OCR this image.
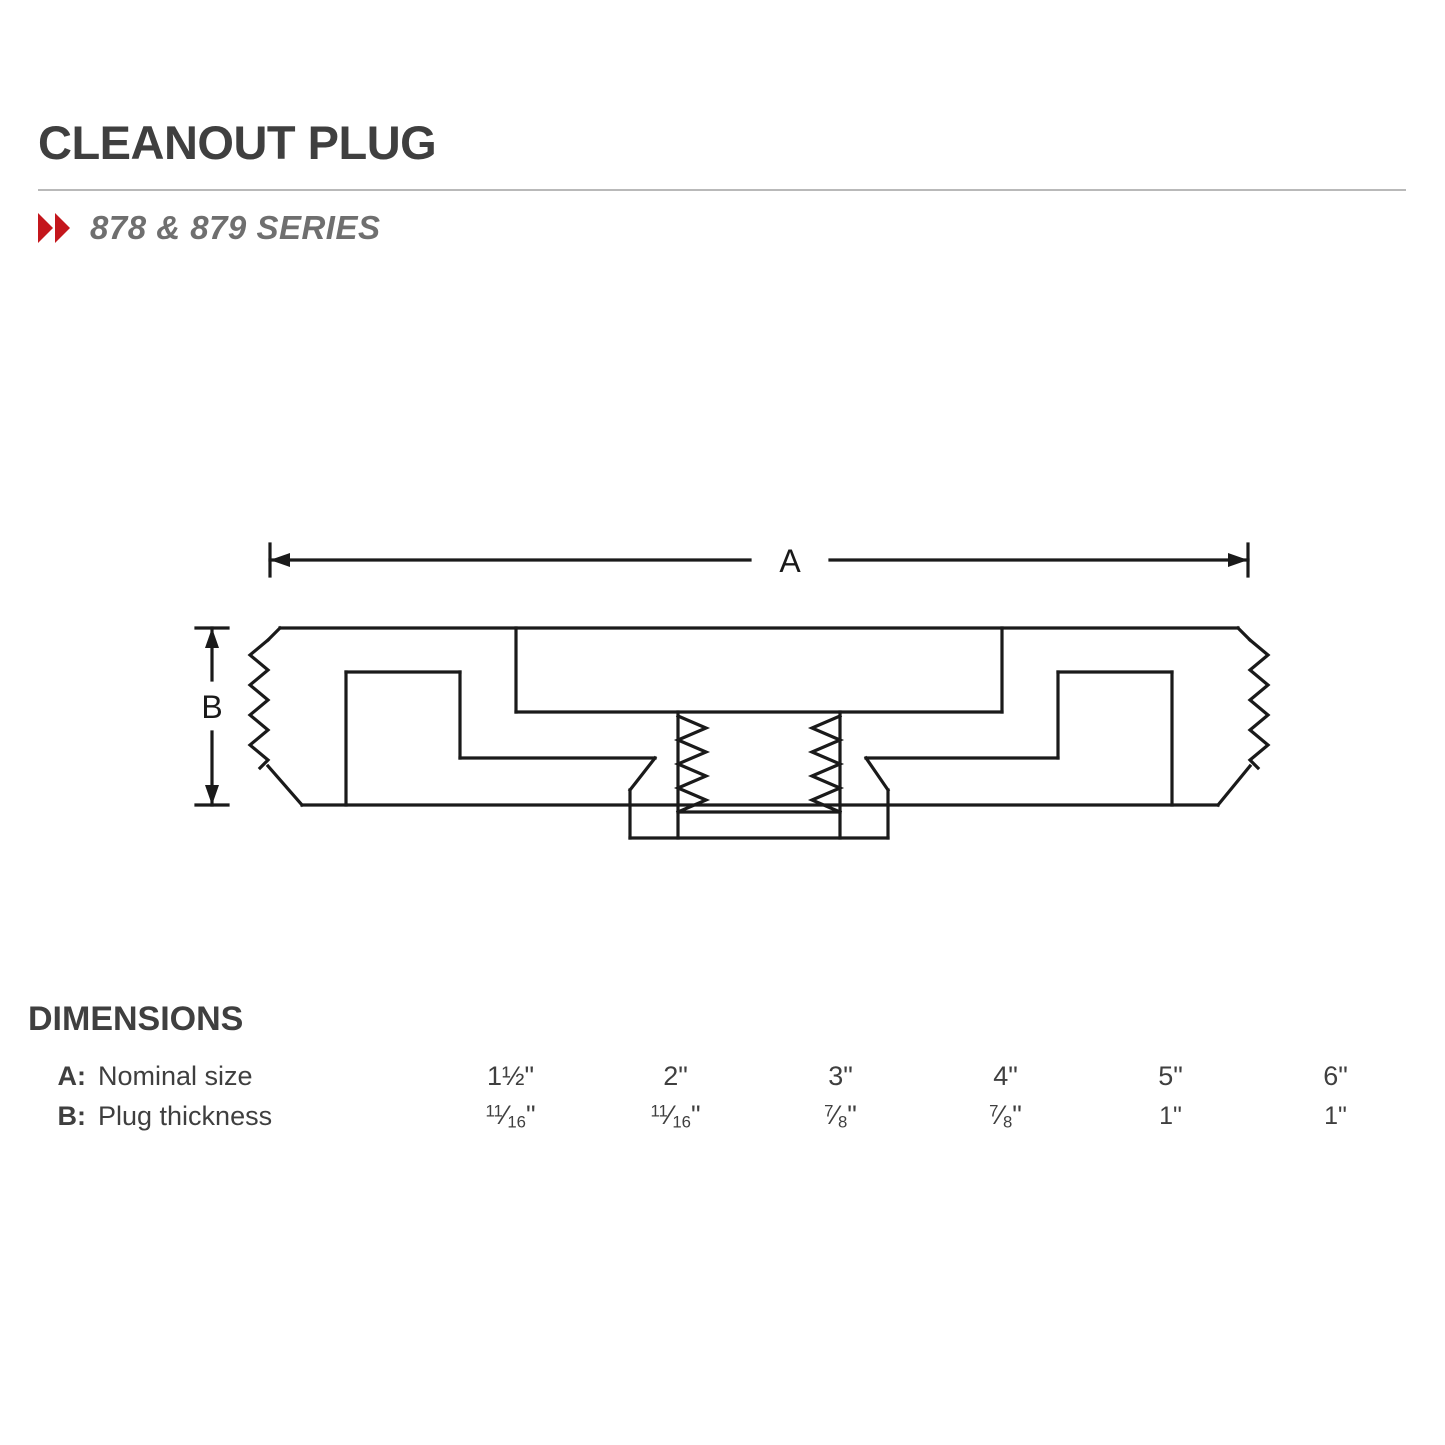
CLEANOUT PLUG
878 & 879 SERIES
A
B
DIMENSIONS
A:	Nominal size	1½"	2"	3"	4"	5"	6"
B:	Plug thickness	$^{11}⁄_{16}$"	$^{11}⁄_{16}$"	$^7⁄_8$"	$^7⁄_8$"	1"	1"
